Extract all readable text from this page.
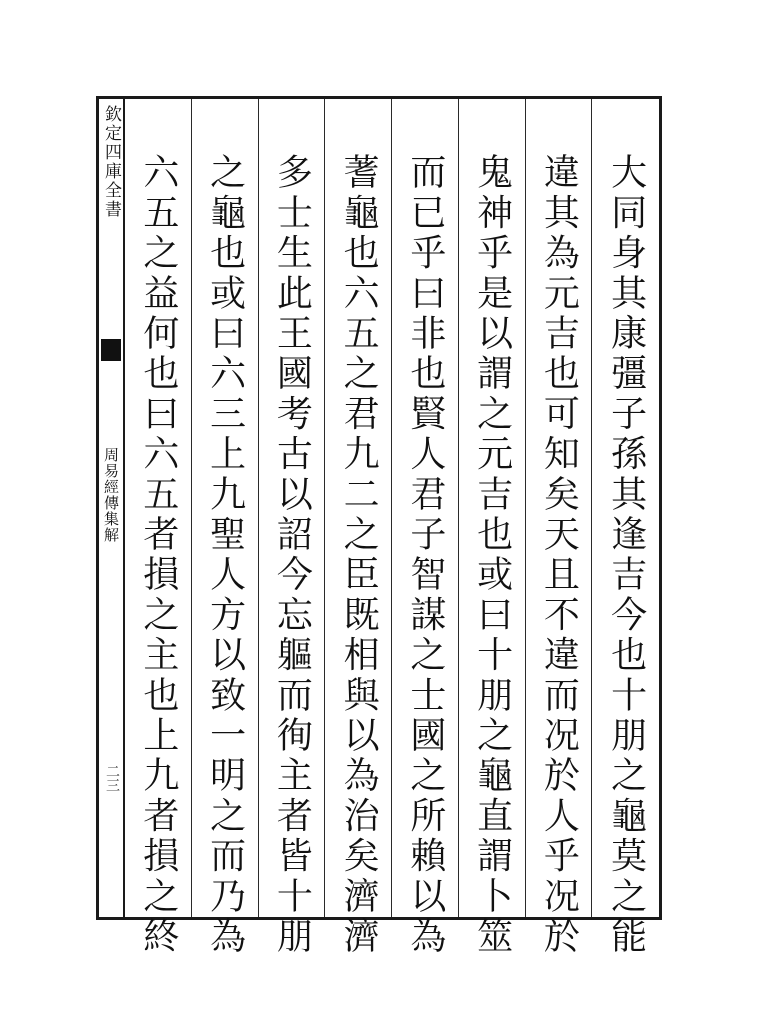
欽定四庫全書
周易經傳集解
二三	大同身其康彊子孫其逢吉今也十朋之龜莫之能
違其為元吉也可知矣天且不違而况於人乎况於
鬼神乎是以謂之元吉也或曰十朋之龜直謂卜筮
而已乎曰非也賢人君子智謀之士國之所賴以為
蓍龜也六五之君九二之臣既相與以為治矣濟濟
多士生此王國考古以詔今忘軀而徇主者皆十朋
之龜也或曰六三上九聖人方以致一明之而乃為
六五之益何也曰六五者損之主也上九者損之終
